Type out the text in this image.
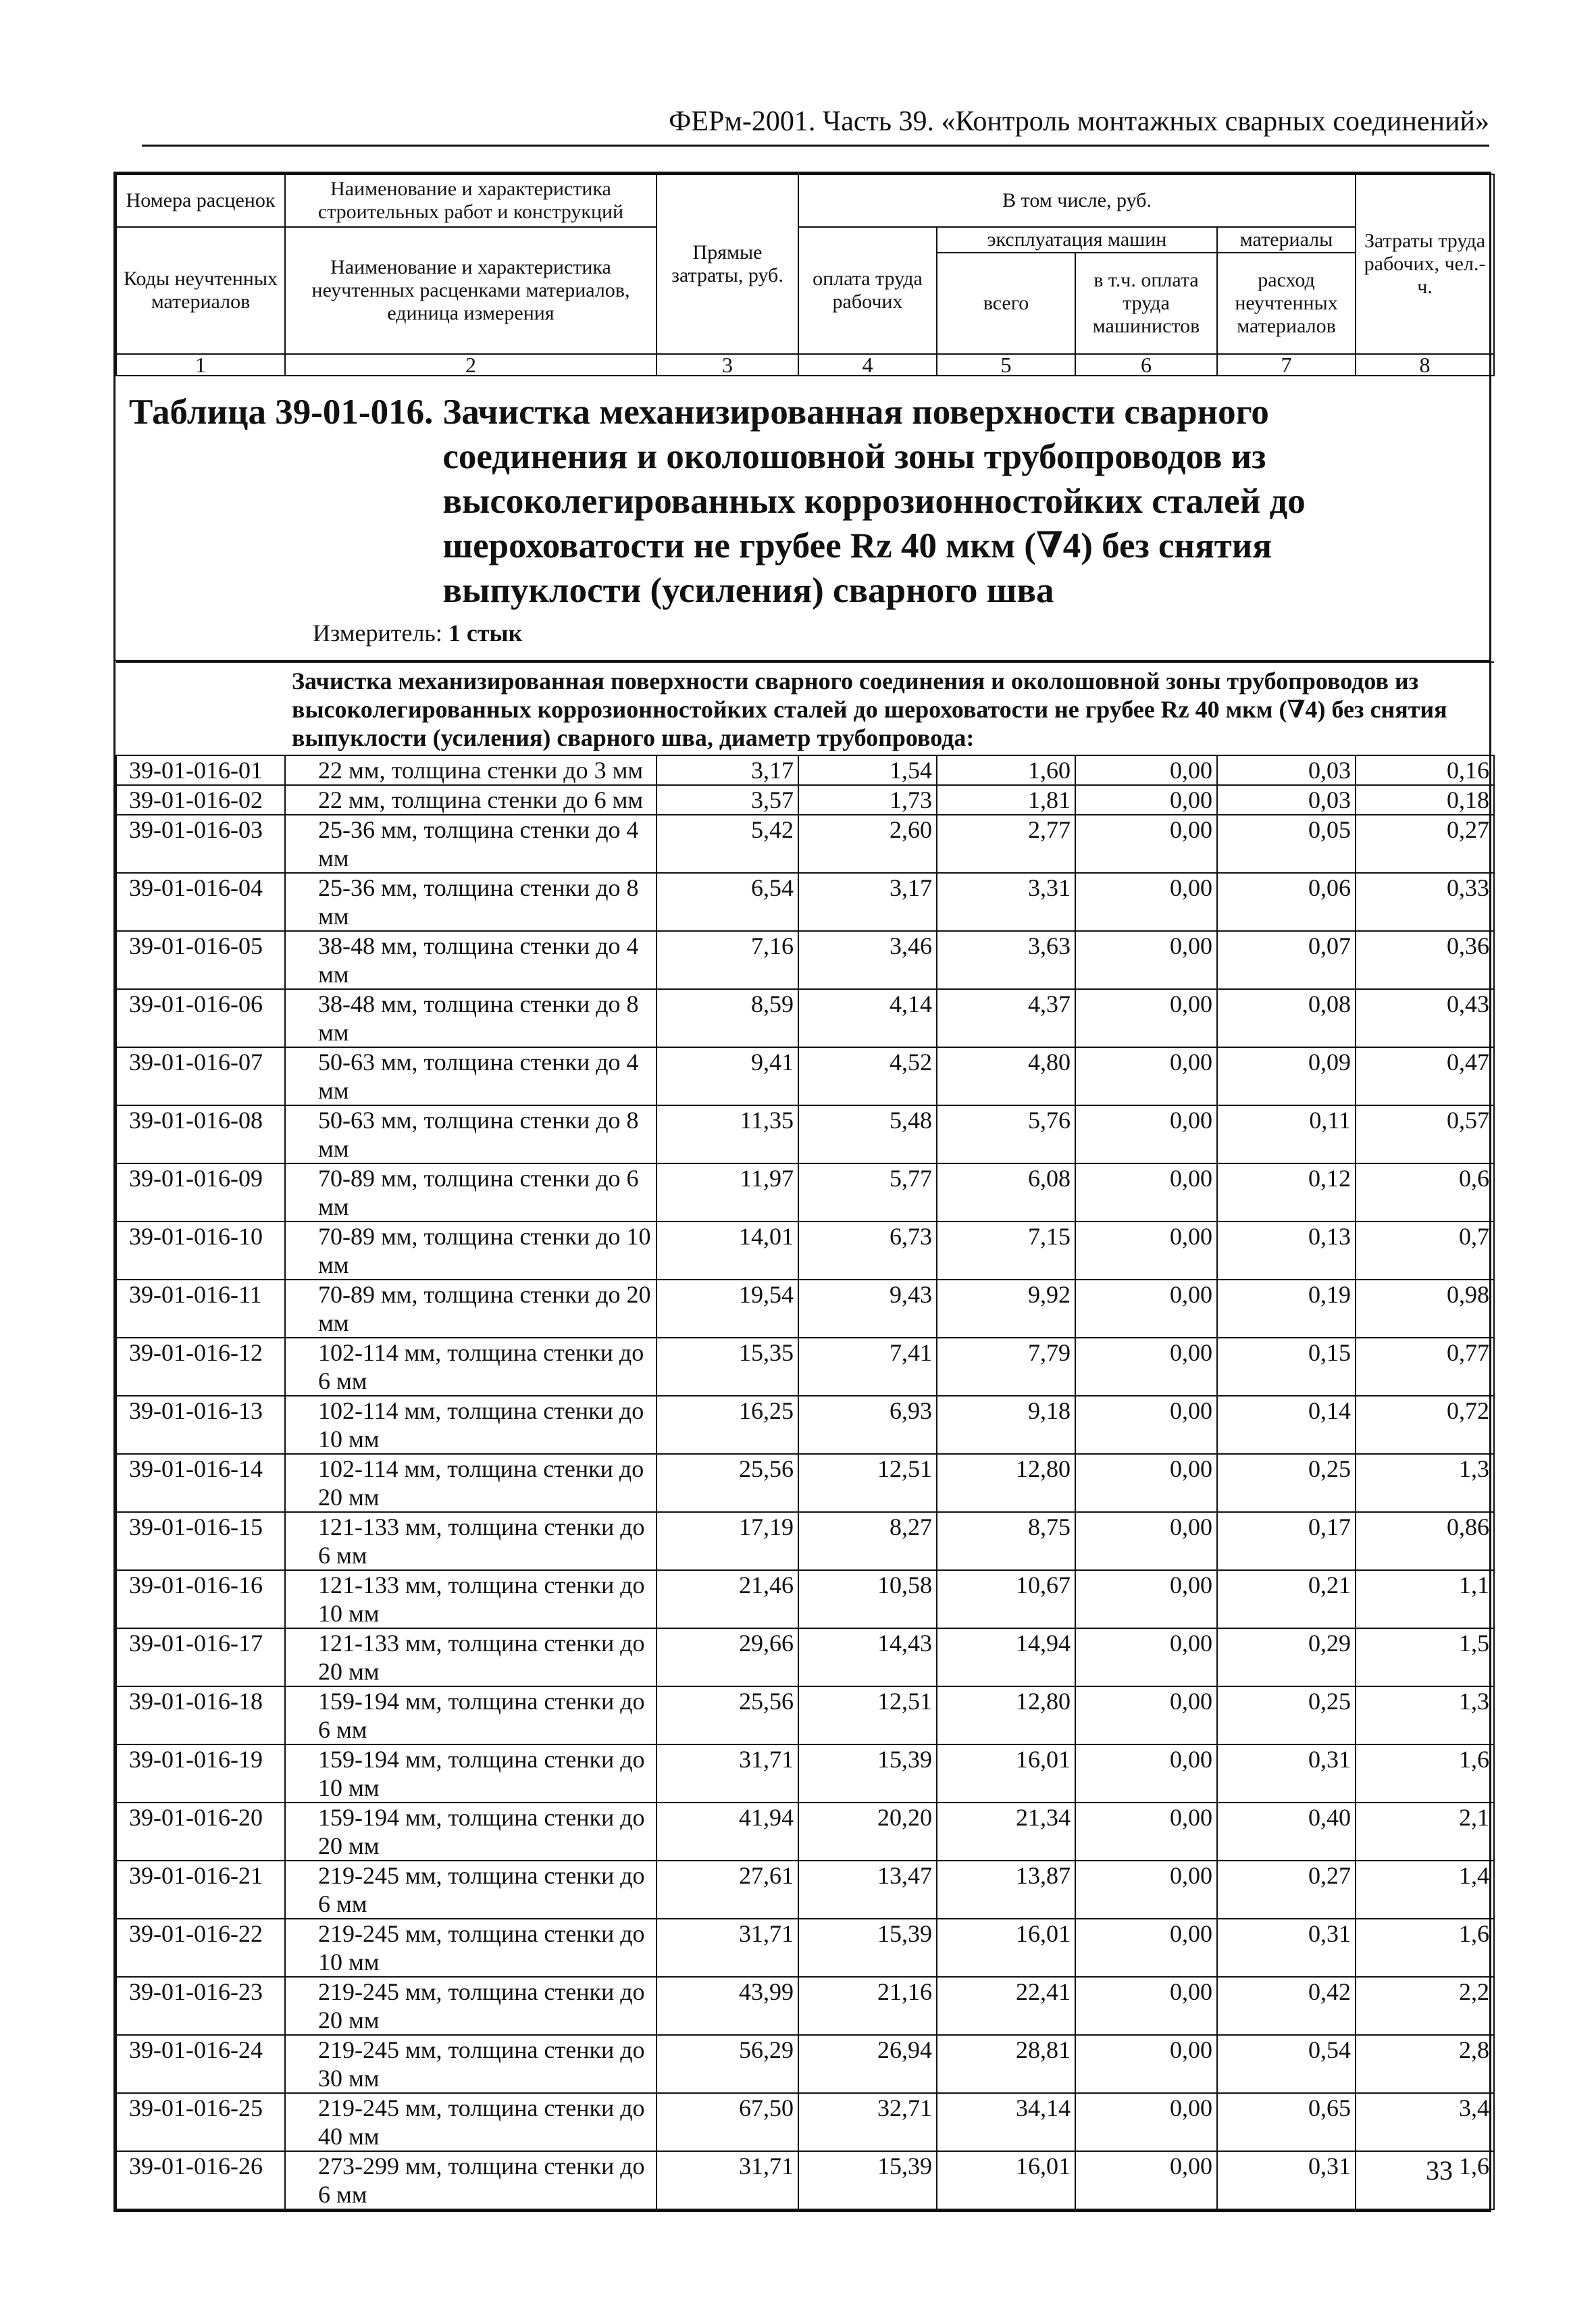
ФЕРм-2001. Часть 39. «Контроль монтажных сварных соединений»
Номера расценок	Наименование и характеристика строительных работ и конструкций	Прямые затраты, руб.	В том числе, руб.				Затраты труда рабочих, чел.-ч.
Коды неучтенных материалов	Наименование и характеристика неучтенных расценками материалов, единица измерения		оплата труда рабочих	эксплуатация машин		материалы	
				всего	в т.ч. оплата труда машинистов	расход неучтенных материалов	
1	2	3	4	5	6	7	8
Таблица 39-01-016. Зачистка механизированная поверхности сварного соединения и околошовной зоны трубопроводов из высоколегированных коррозионностойких сталей до шероховатости не грубее Rz 40 мкм (∇4) без снятия выпуклости (усиления) сварного шва
Измеритель: 1 стык
Зачистка механизированная поверхности сварного соединения и околошовной зоны трубопроводов из высоколегированных коррозионностойких сталей до шероховатости не грубее Rz 40 мкм (∇4) без снятия выпуклости (усиления) сварного шва, диаметр трубопровода:							
39-01-016-01	22 мм, толщина стенки до 3 мм	3,17	1,54	1,60	0,00	0,03	0,16
39-01-016-02	22 мм, толщина стенки до 6 мм	3,57	1,73	1,81	0,00	0,03	0,18
39-01-016-03	25-36 мм, толщина стенки до 4 мм	5,42	2,60	2,77	0,00	0,05	0,27
39-01-016-04	25-36 мм, толщина стенки до 8 мм	6,54	3,17	3,31	0,00	0,06	0,33
39-01-016-05	38-48 мм, толщина стенки до 4 мм	7,16	3,46	3,63	0,00	0,07	0,36
39-01-016-06	38-48 мм, толщина стенки до 8 мм	8,59	4,14	4,37	0,00	0,08	0,43
39-01-016-07	50-63 мм, толщина стенки до 4 мм	9,41	4,52	4,80	0,00	0,09	0,47
39-01-016-08	50-63 мм, толщина стенки до 8 мм	11,35	5,48	5,76	0,00	0,11	0,57
39-01-016-09	70-89 мм, толщина стенки до 6 мм	11,97	5,77	6,08	0,00	0,12	0,6
39-01-016-10	70-89 мм, толщина стенки до 10 мм	14,01	6,73	7,15	0,00	0,13	0,7
39-01-016-11	70-89 мм, толщина стенки до 20 мм	19,54	9,43	9,92	0,00	0,19	0,98
39-01-016-12	102-114 мм, толщина стенки до 6 мм	15,35	7,41	7,79	0,00	0,15	0,77
39-01-016-13	102-114 мм, толщина стенки до 10 мм	16,25	6,93	9,18	0,00	0,14	0,72
39-01-016-14	102-114 мм, толщина стенки до 20 мм	25,56	12,51	12,80	0,00	0,25	1,3
39-01-016-15	121-133 мм, толщина стенки до 6 мм	17,19	8,27	8,75	0,00	0,17	0,86
39-01-016-16	121-133 мм, толщина стенки до 10 мм	21,46	10,58	10,67	0,00	0,21	1,1
39-01-016-17	121-133 мм, толщина стенки до 20 мм	29,66	14,43	14,94	0,00	0,29	1,5
39-01-016-18	159-194 мм, толщина стенки до 6 мм	25,56	12,51	12,80	0,00	0,25	1,3
39-01-016-19	159-194 мм, толщина стенки до 10 мм	31,71	15,39	16,01	0,00	0,31	1,6
39-01-016-20	159-194 мм, толщина стенки до 20 мм	41,94	20,20	21,34	0,00	0,40	2,1
39-01-016-21	219-245 мм, толщина стенки до 6 мм	27,61	13,47	13,87	0,00	0,27	1,4
39-01-016-22	219-245 мм, толщина стенки до 10 мм	31,71	15,39	16,01	0,00	0,31	1,6
39-01-016-23	219-245 мм, толщина стенки до 20 мм	43,99	21,16	22,41	0,00	0,42	2,2
39-01-016-24	219-245 мм, толщина стенки до 30 мм	56,29	26,94	28,81	0,00	0,54	2,8
39-01-016-25	219-245 мм, толщина стенки до 40 мм	67,50	32,71	34,14	0,00	0,65	3,4
39-01-016-26	273-299 мм, толщина стенки до 6 мм	31,71	15,39	16,01	0,00	0,31	1,6
33
